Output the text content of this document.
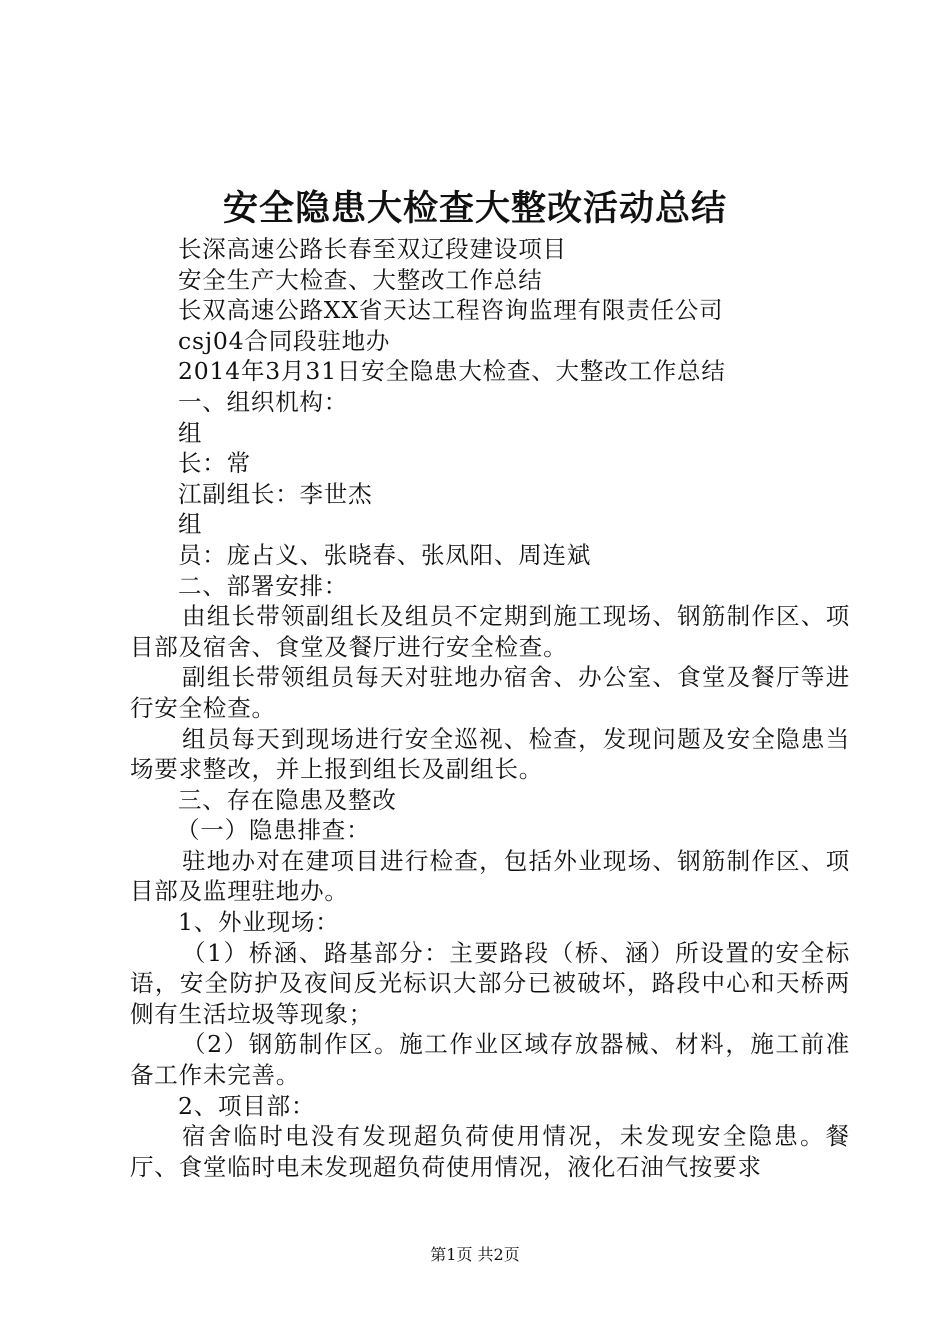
安全隐患大检查大整改活动总结

长深高速公路长春至双辽段建设项目

安全生产大检查、大整改工作总结

长双高速公路XX省天达工程咨询监理有限责任公司

csj04合同段驻地办

2014年3月31日安全隐患大检查、大整改工作总结

一、组织机构：

组

长：常

江副组长：李世杰

组

员：庞占义、张晓春、张凤阳、周连斌

二、部署安排：

由组长带领副组长及组员不定期到施工现场、钢筋制作区、项目部及宿舍、食堂及餐厅进行安全检查。

副组长带领组员每天对驻地办宿舍、办公室、食堂及餐厅等进行安全检查。

组员每天到现场进行安全巡视、检查，发现问题及安全隐患当场要求整改，并上报到组长及副组长。

三、存在隐患及整改

（一）隐患排查：

驻地办对在建项目进行检查，包括外业现场、钢筋制作区、项目部及监理驻地办。

1、外业现场：

（1）桥涵、路基部分：主要路段（桥、涵）所设置的安全标语，安全防护及夜间反光标识大部分已被破坏，路段中心和天桥两侧有生活垃圾等现象；

（2）钢筋制作区。施工作业区域存放器械、材料，施工前准备工作未完善。

2、项目部：

宿舍临时电没有发现超负荷使用情况，未发现安全隐患。餐厅、食堂临时电未发现超负荷使用情况，液化石油气按要求

第1页 共2页
